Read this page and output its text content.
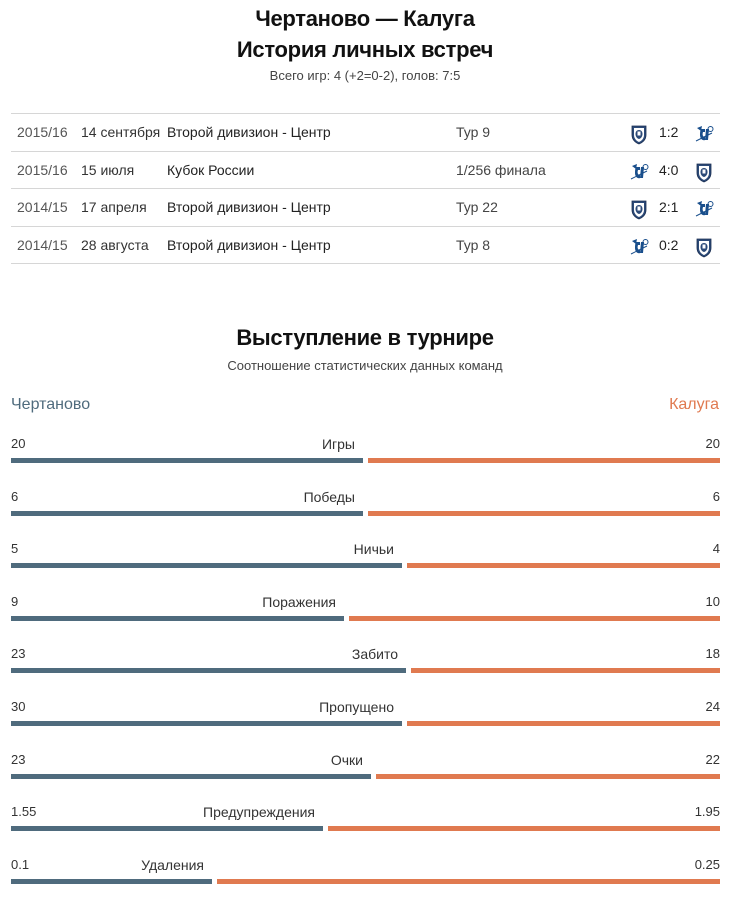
Чертаново — Калуга
История личных встреч
Всего игр: 4 (+2=0-2), голов: 7:5
2015/16 14 сентября Второй дивизион - Центр	Тур 9	1:2
2015/16 15 июля Кубок России	1/256 финала	4:0
2014/15 17 апреля Второй дивизион - Центр	Тур 22	2:1
2014/15 28 августа Второй дивизион - Центр	Тур 8	0:2
Выступление в турнире
Соотношение статистических данных команд
Чертаново	Калуга
20	20
Игры
6	6
Победы
5	4
Ничьи
9	10
Поражения
23	18
Забито
30	24
Пропущено
23	22
Очки
1.55	1.95
Предупреждения
0.1	0.25
Удаления
